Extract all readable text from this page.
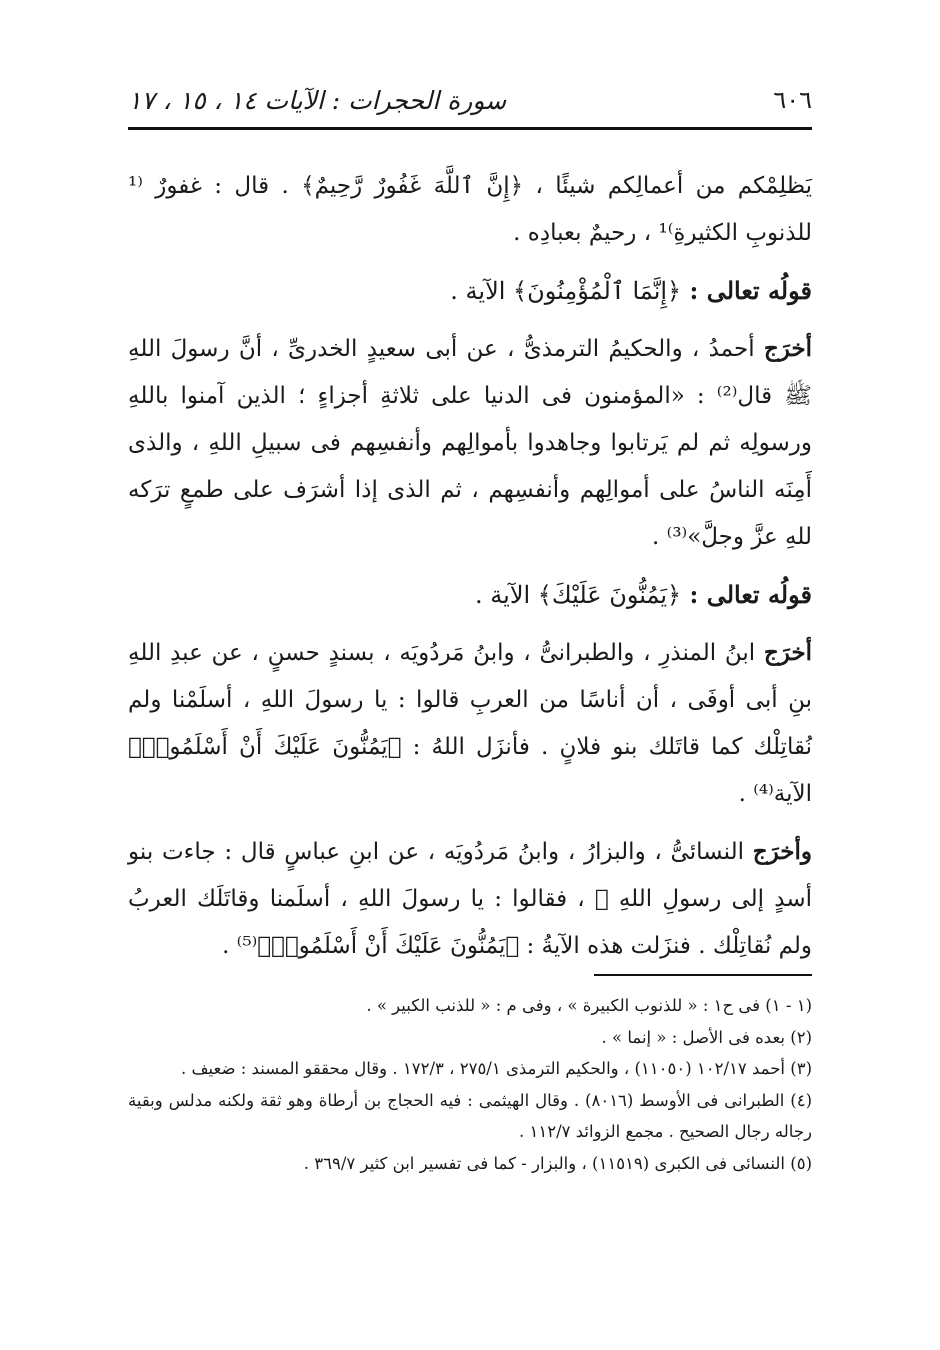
٦٠٦
سورة الحجرات : الآيات ١٤ ، ١٥ ، ١٧

يَظلِمْكم من أعمالِكم شيئًا ، ﴿إِنَّ ٱللَّهَ غَفُورٌ رَّحِيمٌ﴾ . قال : غفورٌ ⁽¹ للذنوبِ الكثيرةِ⁾¹ ، رحيمٌ بعبادِه .

قولُه تعالى : ﴿إِنَّمَا ٱلْمُؤْمِنُونَ﴾ الآية .

أخرَج أحمدُ ، والحكيمُ الترمذىُّ ، عن أبى سعيدٍ الخدرىِّ ، أنَّ رسولَ اللهِ ﷺ قال⁽²⁾ : «المؤمنون فى الدنيا على ثلاثةِ أجزاءٍ ؛ الذين آمنوا باللهِ ورسولِه ثم لم يَرتابوا وجاهدوا بأموالِهم وأنفسِهم فى سبيلِ اللهِ ، والذى أَمِنَه الناسُ على أموالِهم وأنفسِهم ، ثم الذى إذا أشرَف على طمعٍ ترَكه للهِ عزَّ وجلَّ»⁽³⁾ .

قولُه تعالى : ﴿يَمُنُّونَ عَلَيْكَ﴾ الآية .

أخرَج ابنُ المنذرِ ، والطبرانىُّ ، وابنُ مَردُويَه ، بسندٍ حسنٍ ، عن عبدِ اللهِ بنِ أبى أوفَى ، أن أناسًا من العربِ قالوا : يا رسولَ اللهِ ، أسلَمْنا ولم نُقاتِلْك كما قاتَلك بنو فلانٍ . فأنزَل اللهُ : ﴿يَمُنُّونَ عَلَيْكَ أَنْ أَسْلَمُوا۟﴾ الآية⁽⁴⁾ .

وأخرَج النسائىُّ ، والبزارُ ، وابنُ مَردُويَه ، عن ابنِ عباسٍ قال : جاءت بنو أسدٍ إلى رسولِ اللهِ ﷺ ، فقالوا : يا رسولَ اللهِ ، أسلَمنا وقاتَلَك العربُ ولم نُقاتِلْك . فنزَلت هذه الآيةُ : ﴿يَمُنُّونَ عَلَيْكَ أَنْ أَسْلَمُوا۟﴾⁽⁵⁾ .

(١ - ١) فى ح١ : « للذنوب الكبيرة » ، وفى م : « للذنب الكبير » .

(٢) بعده فى الأصل : « إنما » .

(٣) أحمد ١٠٢/١٧ (١١٠٥٠) ، والحكيم الترمذى ٢٧٥/١ ، ١٧٢/٣ . وقال محققو المسند : ضعيف .

(٤) الطبرانى فى الأوسط (٨٠١٦) . وقال الهيثمى : فيه الحجاج بن أرطاة وهو ثقة ولكنه مدلس وبقية رجاله رجال الصحيح . مجمع الزوائد ١١٢/٧ .

(٥) النسائى فى الكبرى (١١٥١٩) ، والبزار - كما فى تفسير ابن كثير ٣٦٩/٧ .
